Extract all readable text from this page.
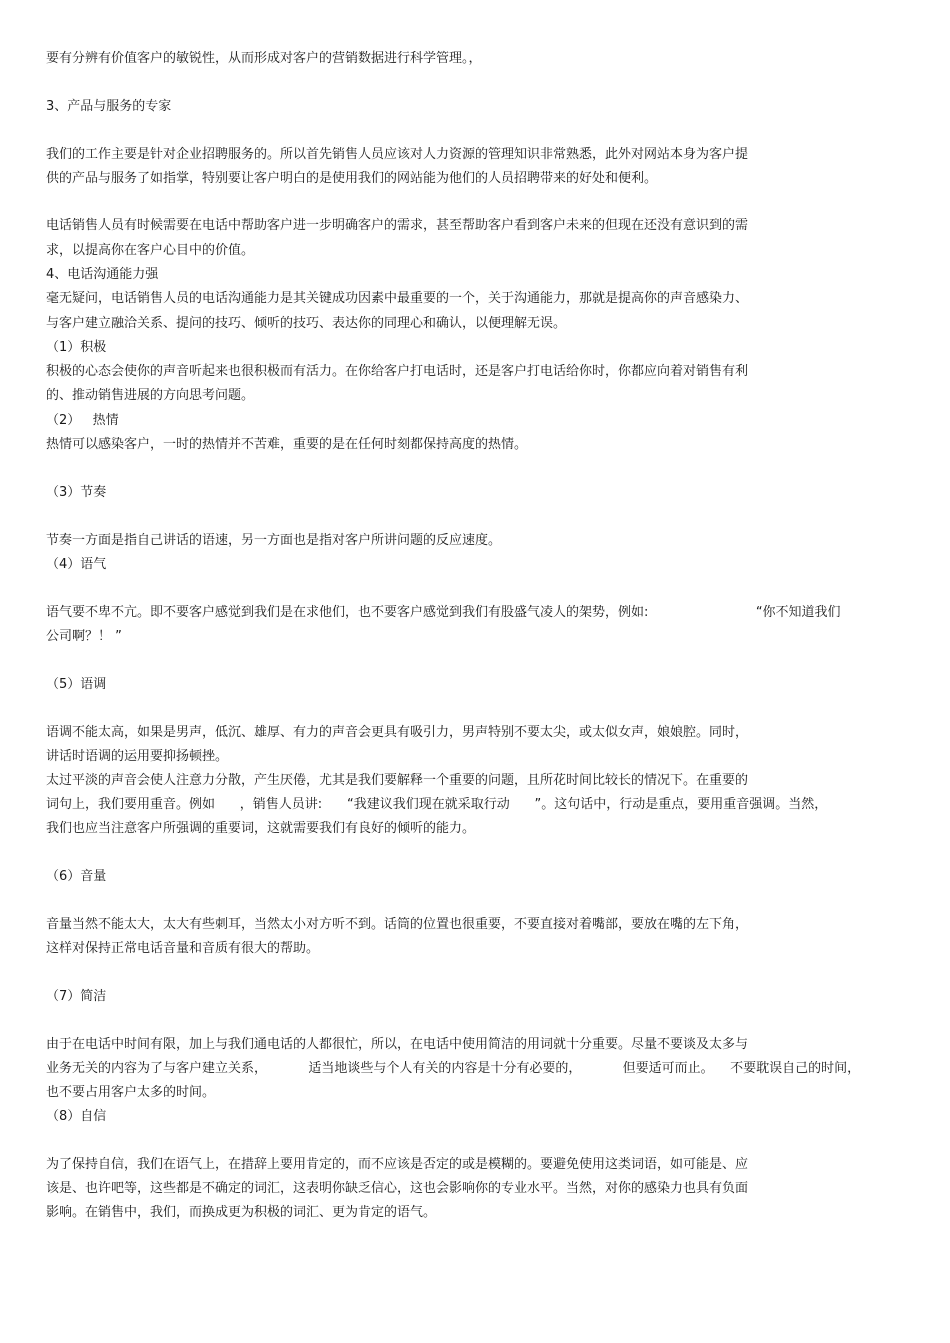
要有分辨有价值客户的敏锐性，从而形成对客户的营销数据进行科学管理。，
3、产品与服务的专家
我们的工作主要是针对企业招聘服务的。所以首先销售人员应该对人力资源的管理知识非常熟悉，此外对网站本身为客户提
供的产品与服务了如指掌，特别要让客户明白的是使用我们的网站能为他们的人员招聘带来的好处和便利。
电话销售人员有时候需要在电话中帮助客户进一步明确客户的需求，甚至帮助客户看到客户未来的但现在还没有意识到的需
求，以提高你在客户心目中的价值。
4、电话沟通能力强
毫无疑问，电话销售人员的电话沟通能力是其关键成功因素中最重要的一个，关于沟通能力，那就是提高你的声音感染力、
与客户建立融洽关系、提问的技巧、倾听的技巧、表达你的同理心和确认，以便理解无误。
（1）积极
积极的心态会使你的声音听起来也很积极而有活力。在你给客户打电话时，还是客户打电话给你时，你都应向着对销售有利
的、推动销售进展的方向思考问题。
（2）   热情
热情可以感染客户，一时的热情并不苦难，重要的是在任何时刻都保持高度的热情。
（3）节奏
节奏一方面是指自己讲话的语速，另一方面也是指对客户所讲问题的反应速度。
（4）语气
语气要不卑不亢。即不要客户感觉到我们是在求他们，也不要客户感觉到我们有股盛气凌人的架势，例如:                          “你不知道我们
公司啊？！ ”
（5）语调
语调不能太高，如果是男声，低沉、雄厚、有力的声音会更具有吸引力，男声特别不要太尖，或太似女声，娘娘腔。同时，
讲话时语调的运用要抑扬顿挫。
太过平淡的声音会使人注意力分散，产生厌倦，尤其是我们要解释一个重要的问题，且所花时间比较长的情况下。在重要的
词句上，我们要用重音。例如      ，销售人员讲:      “我建议我们现在就采取行动      ”。这句话中，行动是重点，要用重音强调。当然，
我们也应当注意客户所强调的重要词，这就需要我们有良好的倾听的能力。
（6）音量
音量当然不能太大，太大有些刺耳，当然太小对方听不到。话筒的位置也很重要，不要直接对着嘴部，要放在嘴的左下角，
这样对保持正常电话音量和音质有很大的帮助。
（7）简洁
由于在电话中时间有限，加上与我们通电话的人都很忙，所以，在电话中使用简洁的用词就十分重要。尽量不要谈及太多与
业务无关的内容为了与客户建立关系，          适当地谈些与个人有关的内容是十分有必要的，          但要适可而止。    不要耽误自己的时间，
也不要占用客户太多的时间。
（8）自信
为了保持自信，我们在语气上，在措辞上要用肯定的，而不应该是否定的或是模糊的。要避免使用这类词语，如可能是、应
该是、也许吧等，这些都是不确定的词汇，这表明你缺乏信心，这也会影响你的专业水平。当然，对你的感染力也具有负面
影响。在销售中，我们，而换成更为积极的词汇、更为肯定的语气。
